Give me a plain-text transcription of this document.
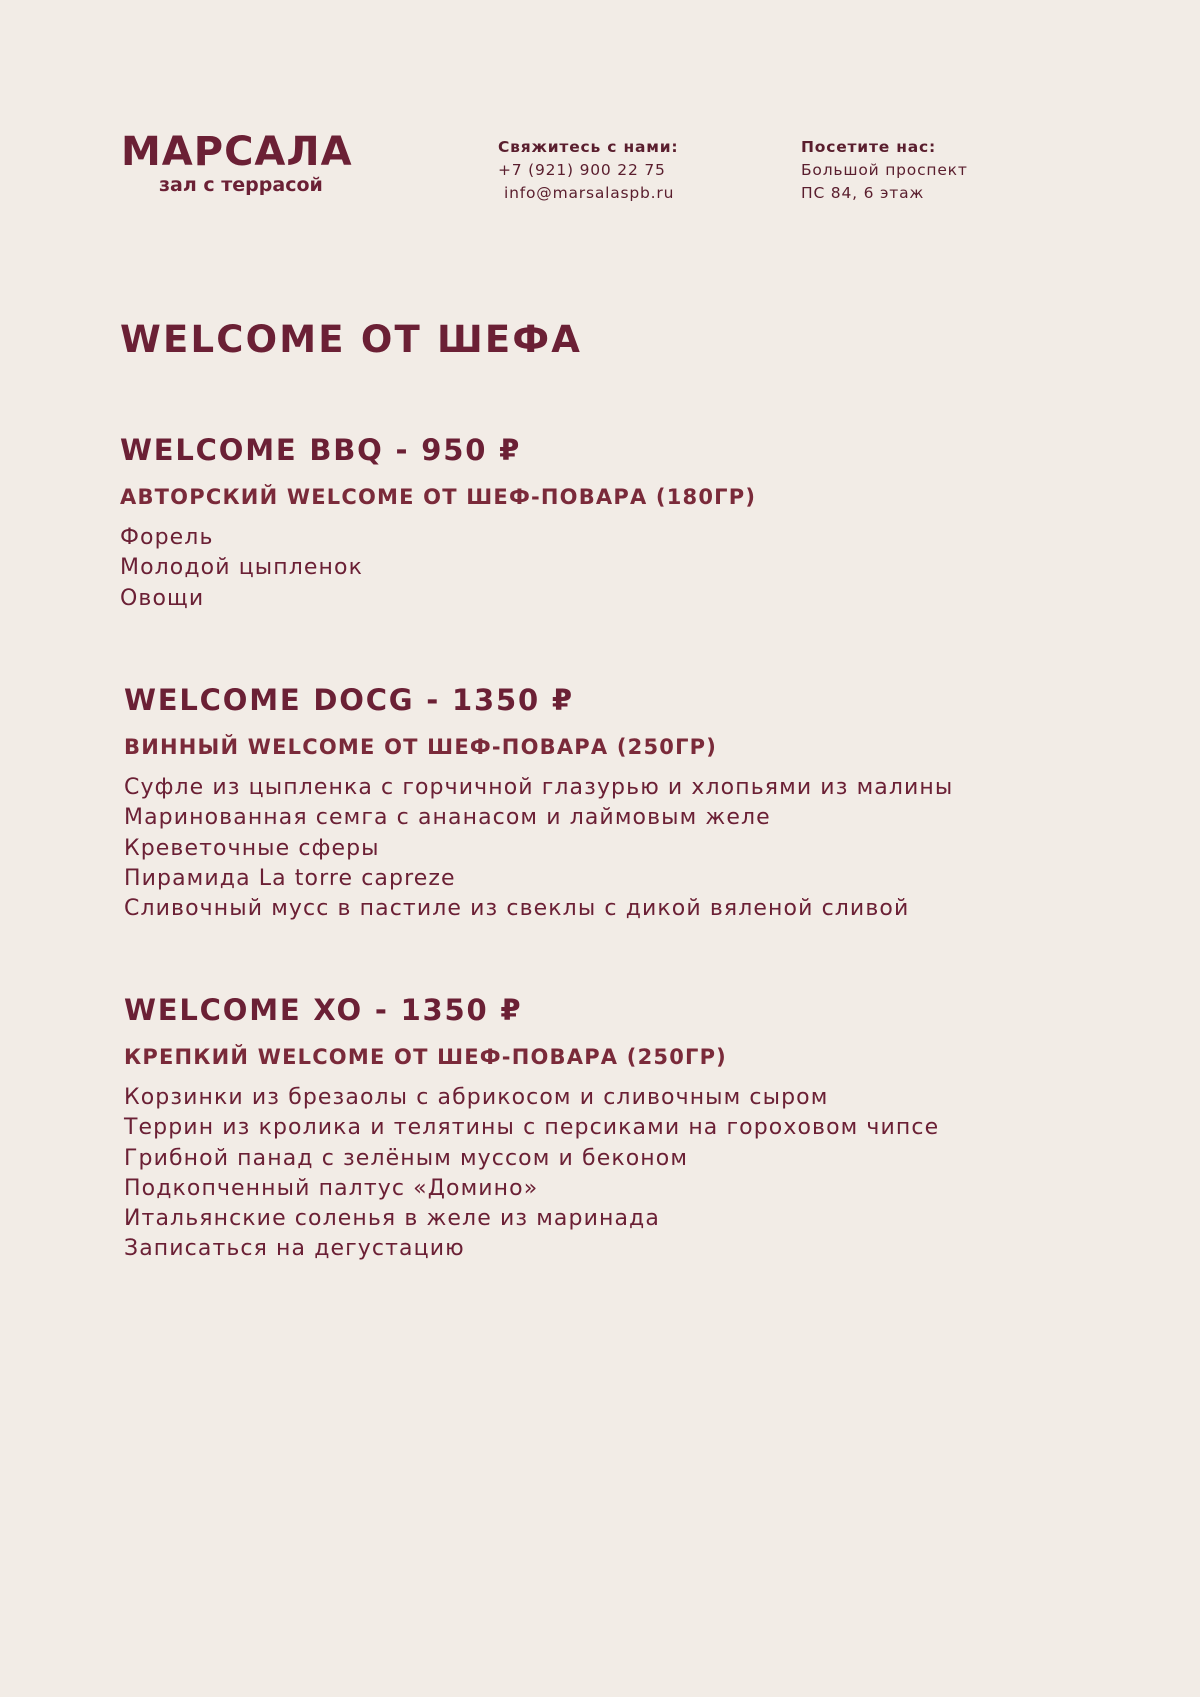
МАРСАЛА
зал с террасой
Свяжитесь с нами:
+7 (921) 900 22 75
info@marsalaspb.ru
Посетите нас:
Большой проспект
ПС 84, 6 этаж
WELCOME ОТ ШЕФА
WELCOME BBQ - 950 ₽
АВТОРСКИЙ WELCOME ОТ ШЕФ-ПОВАРА (180ГР)
Форель
Молодой цыпленок
Овощи
WELCOME DOCG - 1350 ₽
ВИННЫЙ WELCOME ОТ ШЕФ-ПОВАРА (250ГР)
Суфле из цыпленка с горчичной глазурью и хлопьями из малины
Маринованная семга с ананасом и лаймовым желе
Креветочные сферы
Пирамида La torre capreze
Сливочный мусс в пастиле из свеклы с дикой вяленой сливой
WELCOME XO - 1350 ₽
КРЕПКИЙ WELCOME ОТ ШЕФ-ПОВАРА (250ГР)
Корзинки из брезаолы с абрикосом и сливочным сыром
Террин из кролика и телятины с персиками на гороховом чипсе
Грибной панад с зелёным муссом и беконом
Подкопченный палтус «Домино»
Итальянские соленья в желе из маринада
Записаться на дегустацию
